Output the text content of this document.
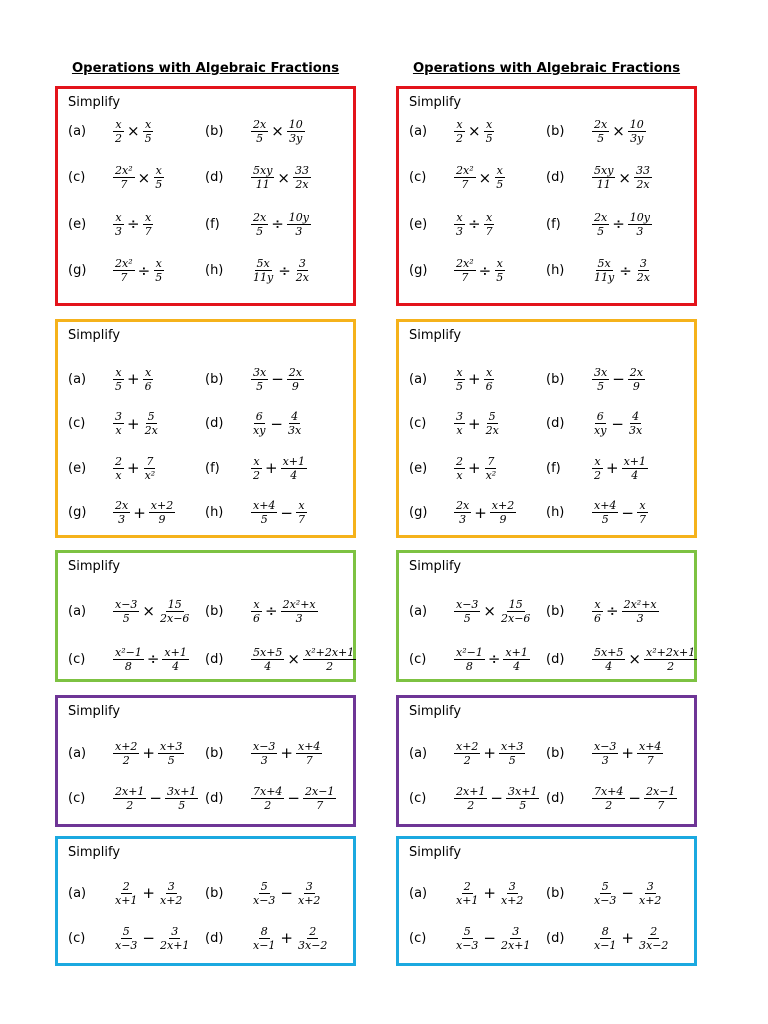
Operations with Algebraic Fractions
Simplify
(a)	$\frac{x}{2} \times \frac{x}{5}$	(b)	$\frac{2x}{5} \times \frac{10}{3y}$
(c)	$\frac{\text{2x²}}{7} \times \frac{x}{5}$	(d)	$\frac{5xy}{11} \times \frac{33}{2x}$
(e)	$\frac{x}{3} \div \frac{x}{7}$	(f)	$\frac{2x}{5} \div \frac{10y}{3}$
(g)	$\frac{\text{2x²}}{7} \div \frac{x}{5}$	(h)	$\frac{5x}{11y} \div \frac{3}{2x}$
Simplify
(a)	$\frac{x}{5} + \frac{x}{6}$	(b)	$\frac{3x}{5} - \frac{2x}{9}$
(c)	$\frac{3}{x} + \frac{5}{2x}$	(d)	$\frac{6}{xy} - \frac{4}{3x}$
(e)	$\frac{2}{x} + \frac{7}{\text{x²}}$	(f)	$\frac{x}{2} + \frac{x+1}{4}$
(g)	$\frac{2x}{3} + \frac{x+2}{9} (h)$	$\frac{x+4}{5} - \frac{x}{7}$
Simplify
(a)	$\frac{x-3}{5} \times \frac{15}{2x-6} (b)$	$\frac{x}{6} \div \frac{\text{2x²+x}}{3}$
(c)	$\frac{\text{x²−1}}{8} \div \frac{x+1}{4} (d)$	$\frac{5x+5}{4} \times \frac{\text{x²+2x+1}}{2}$
Simplify
(a)	$\frac{x+2}{2} + \frac{x+3}{5} (b)$	$\frac{x-3}{3} + \frac{x+4}{7}$
(c)	$\frac{2x+1}{2} - \frac{3x+1}{5} (d)$	$\frac{7x+4}{2} - \frac{2x-1}{7}$
Simplify
(a)	$\frac{2}{x+1} + \frac{3}{x+2} (b)$	$\frac{5}{x-3} - \frac{3}{x+2}$
(c)	$\frac{5}{x-3} - \frac{3}{2x+1} (d)$	$\frac{8}{x-1} + \frac{2}{3x-2}$
Operations with Algebraic Fractions
Simplify
(a)	$\frac{x}{2} \times \frac{x}{5}$	(b)	$\frac{2x}{5} \times \frac{10}{3y}$
(c)	$\frac{\text{2x²}}{7} \times \frac{x}{5}$	(d)	$\frac{5xy}{11} \times \frac{33}{2x}$
(e)	$\frac{x}{3} \div \frac{x}{7}$	(f)	$\frac{2x}{5} \div \frac{10y}{3}$
(g)	$\frac{\text{2x²}}{7} \div \frac{x}{5}$	(h)	$\frac{5x}{11y} \div \frac{3}{2x}$
Simplify
(a)	$\frac{x}{5} + \frac{x}{6}$	(b)	$\frac{3x}{5} - \frac{2x}{9}$
(c)	$\frac{3}{x} + \frac{5}{2x}$	(d)	$\frac{6}{xy} - \frac{4}{3x}$
(e)	$\frac{2}{x} + \frac{7}{\text{x²}}$	(f)	$\frac{x}{2} + \frac{x+1}{4}$
(g)	$\frac{2x}{3} + \frac{x+2}{9} (h)$	$\frac{x+4}{5} - \frac{x}{7}$
Simplify
(a)	$\frac{x-3}{5} \times \frac{15}{2x-6} (b)$	$\frac{x}{6} \div \frac{\text{2x²+x}}{3}$
(c)	$\frac{\text{x²−1}}{8} \div \frac{x+1}{4} (d)$	$\frac{5x+5}{4} \times \frac{\text{x²+2x+1}}{2}$
Simplify
(a)	$\frac{x+2}{2} + \frac{x+3}{5} (b)$	$\frac{x-3}{3} + \frac{x+4}{7}$
(c)	$\frac{2x+1}{2} - \frac{3x+1}{5} (d)$	$\frac{7x+4}{2} - \frac{2x-1}{7}$
Simplify
(a)	$\frac{2}{x+1} + \frac{3}{x+2} (b)$	$\frac{5}{x-3} - \frac{3}{x+2}$
(c)	$\frac{5}{x-3} - \frac{3}{2x+1} (d)$	$\frac{8}{x-1} + \frac{2}{3x-2}$
